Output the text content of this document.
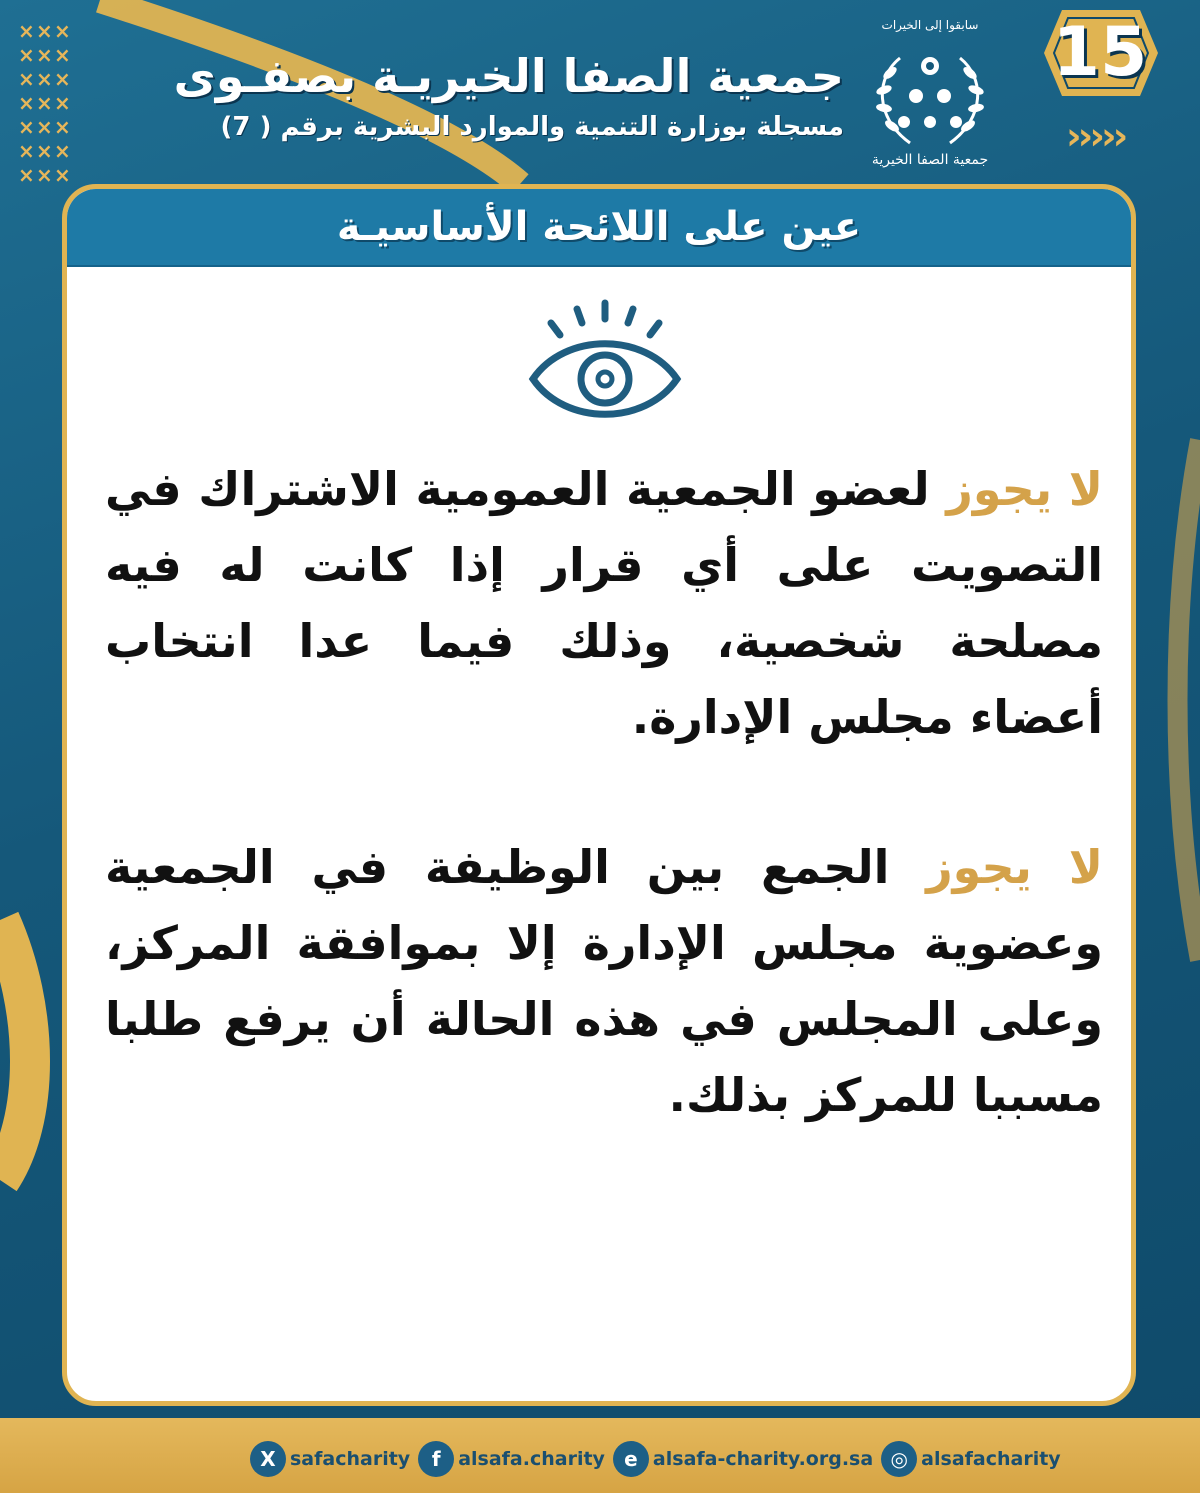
× × ×
× × ×
× × ×
× × ×
× × ×
× × ×
× × ×
جمعية الصفا الخيريـة بصفـوى
مسجلة بوزارة التنمية والموارد البشرية برقم ( 7)
سابقوا إلى الخيرات
جمعية الصفا الخيرية
15
›››››
عين على اللائحة الأساسيـة
لا يجوز لعضو الجمعية العمومية الاشتراك في التصويت على أي قرار إذا كانت له فيه مصلحة شخصية، وذلك فيما عدا انتخاب أعضاء مجلس الإدارة.
لا يجوز الجمع بين الوظيفة في الجمعية وعضوية مجلس الإدارة إلا بموافقة المركز، وعلى المجلس في هذه الحالة أن يرفع طلبا مسببا للمركز بذلك.
X safacharity	f alsafa.charity e alsafa-charity.org.sa ◎ alsafacharity
